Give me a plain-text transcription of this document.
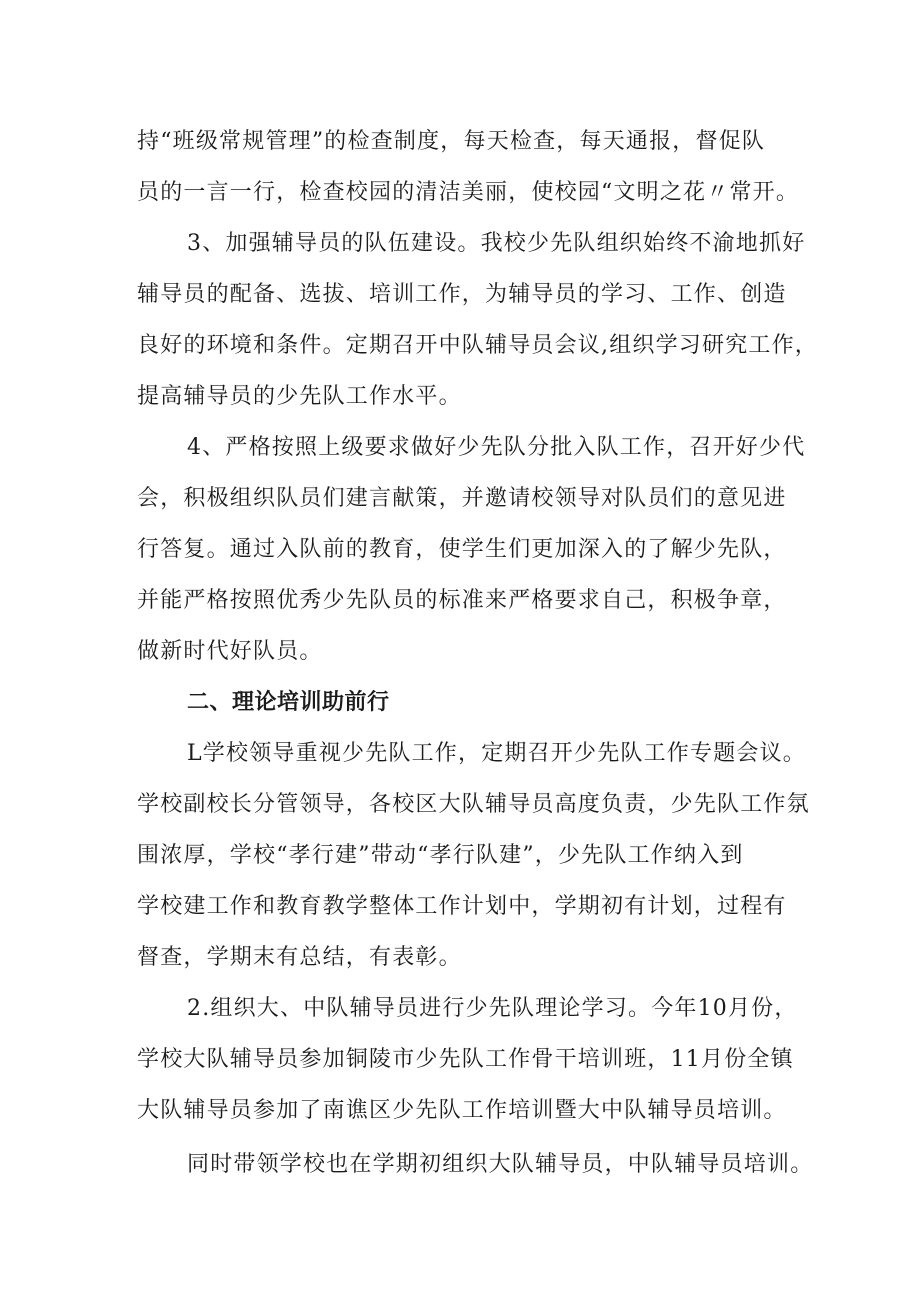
持“班级常规管理”的检查制度，每天检查，每天通报，督促队
员的一言一行，检查校园的清洁美丽，使校园“文明之花〃常开。
3、加强辅导员的队伍建设。我校少先队组织始终不渝地抓好
辅导员的配备、选拔、培训工作，为辅导员的学习、工作、创造
良好的环境和条件。定期召开中队辅导员会议,组织学习研究工作，
提高辅导员的少先队工作水平。
4、严格按照上级要求做好少先队分批入队工作，召开好少代
会，积极组织队员们建言献策，并邀请校领导对队员们的意见进
行答复。通过入队前的教育，使学生们更加深入的了解少先队，
并能严格按照优秀少先队员的标准来严格要求自己，积极争章，
做新时代好队员。
二、理论培训助前行
L学校领导重视少先队工作，定期召开少先队工作专题会议。
学校副校长分管领导，各校区大队辅导员高度负责，少先队工作氛
围浓厚，学校“孝行建”带动“孝行队建”，少先队工作纳入到
学校建工作和教育教学整体工作计划中，学期初有计划，过程有
督查，学期末有总结，有表彰。
2.组织大、中队辅导员进行少先队理论学习。今年10月份，
学校大队辅导员参加铜陵市少先队工作骨干培训班，11月份全镇
大队辅导员参加了南谯区少先队工作培训暨大中队辅导员培训。
同时带领学校也在学期初组织大队辅导员，中队辅导员培训。
